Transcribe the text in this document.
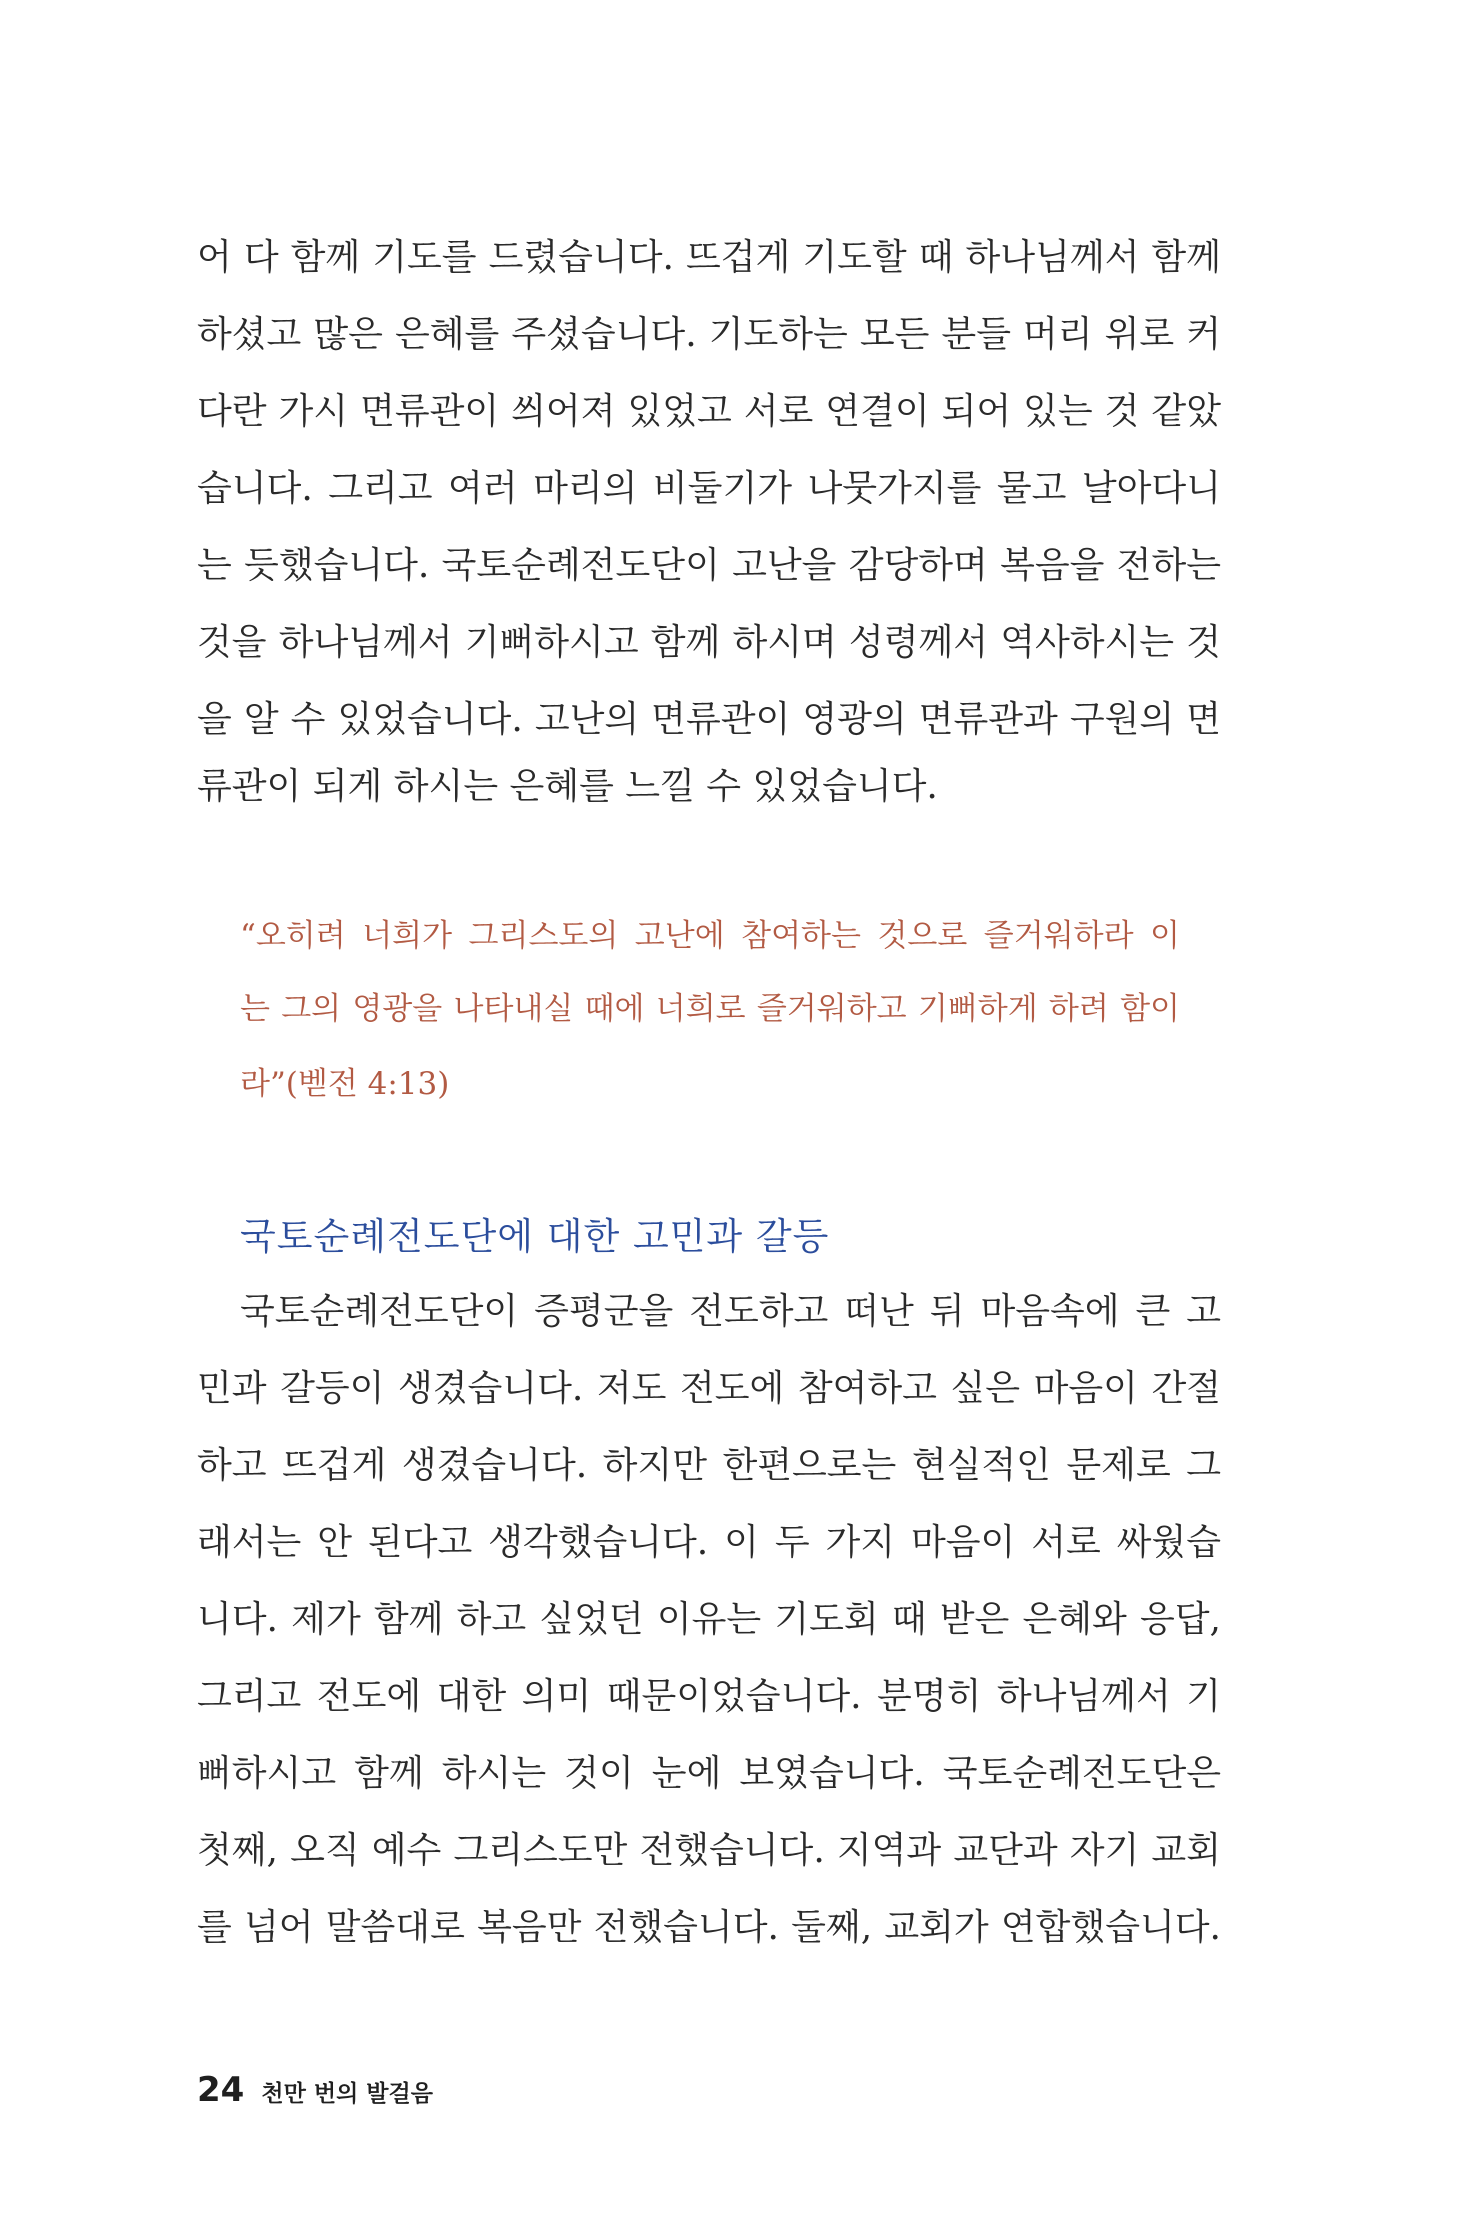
어 다 함께 기도를 드렸습니다. 뜨겁게 기도할 때 하나님께서 함께
하셨고 많은 은혜를 주셨습니다. 기도하는 모든 분들 머리 위로 커
다란 가시 면류관이 씌어져 있었고 서로 연결이 되어 있는 것 같았
습니다. 그리고 여러 마리의 비둘기가 나뭇가지를 물고 날아다니
는 듯했습니다. 국토순례전도단이 고난을 감당하며 복음을 전하는
것을 하나님께서 기뻐하시고 함께 하시며 성령께서 역사하시는 것
을 알 수 있었습니다. 고난의 면류관이 영광의 면류관과 구원의 면
류관이 되게 하시는 은혜를 느낄 수 있었습니다.
“오히려 너희가 그리스도의 고난에 참여하는 것으로 즐거워하라 이
는 그의 영광을 나타내실 때에 너희로 즐거워하고 기뻐하게 하려 함이
라”(벧전 4:13)
국토순례전도단에 대한 고민과 갈등
국토순례전도단이 증평군을 전도하고 떠난 뒤 마음속에 큰 고
민과 갈등이 생겼습니다. 저도 전도에 참여하고 싶은 마음이 간절
하고 뜨겁게 생겼습니다. 하지만 한편으로는 현실적인 문제로 그
래서는 안 된다고 생각했습니다. 이 두 가지 마음이 서로 싸웠습
니다. 제가 함께 하고 싶었던 이유는 기도회 때 받은 은혜와 응답,
그리고 전도에 대한 의미 때문이었습니다. 분명히 하나님께서 기
뻐하시고 함께 하시는 것이 눈에 보였습니다. 국토순례전도단은
첫째, 오직 예수 그리스도만 전했습니다. 지역과 교단과 자기 교회
를 넘어 말씀대로 복음만 전했습니다. 둘째, 교회가 연합했습니다.
24 천만 번의 발걸음
